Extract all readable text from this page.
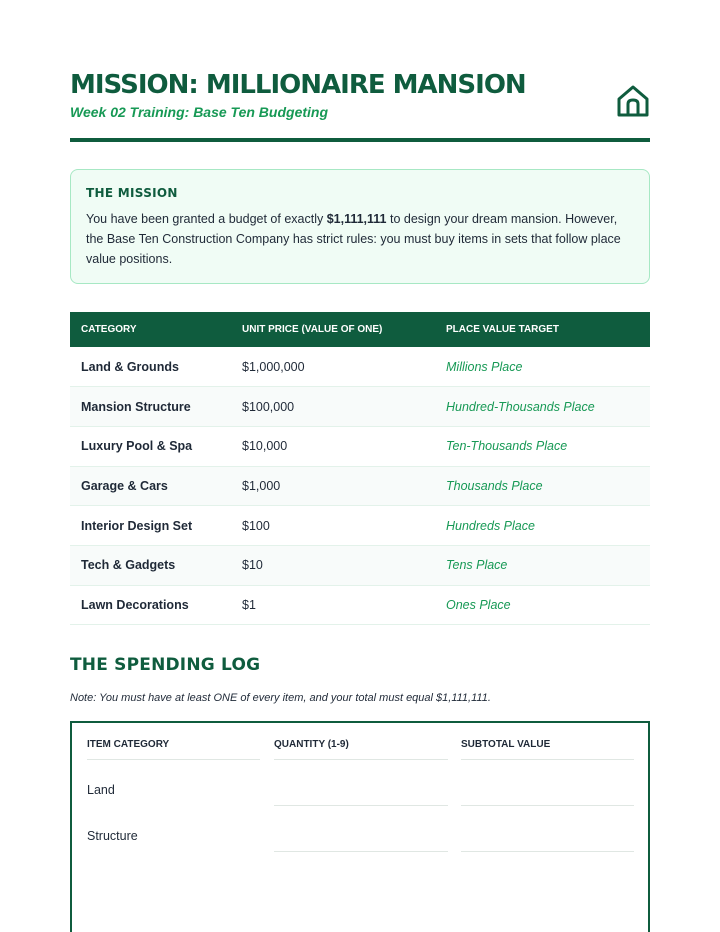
MISSION: MILLIONAIRE MANSION
Week 02 Training: Base Ten Budgeting
THE MISSION

You have been granted a budget of exactly $1,111,111 to design your dream mansion. However, the Base Ten Construction Company has strict rules: you must buy items in sets that follow place value positions.

CATEGORY	UNIT PRICE (VALUE OF ONE)	PLACE VALUE TARGET
Land & Grounds	$1,000,000	Millions Place
Mansion Structure	$100,000	Hundred-Thousands Place
Luxury Pool & Spa	$10,000	Ten-Thousands Place
Garage & Cars	$1,000	Thousands Place
Interior Design Set	$100	Hundreds Place
Tech & Gadgets	$10	Tens Place
Lawn Decorations	$1	Ones Place
THE SPENDING LOG
Note: You must have at least ONE of every item, and your total must equal $1,111,111.
ITEM CATEGORY	QUANTITY (1-9)	SUBTOTAL VALUE
Land
Structure
